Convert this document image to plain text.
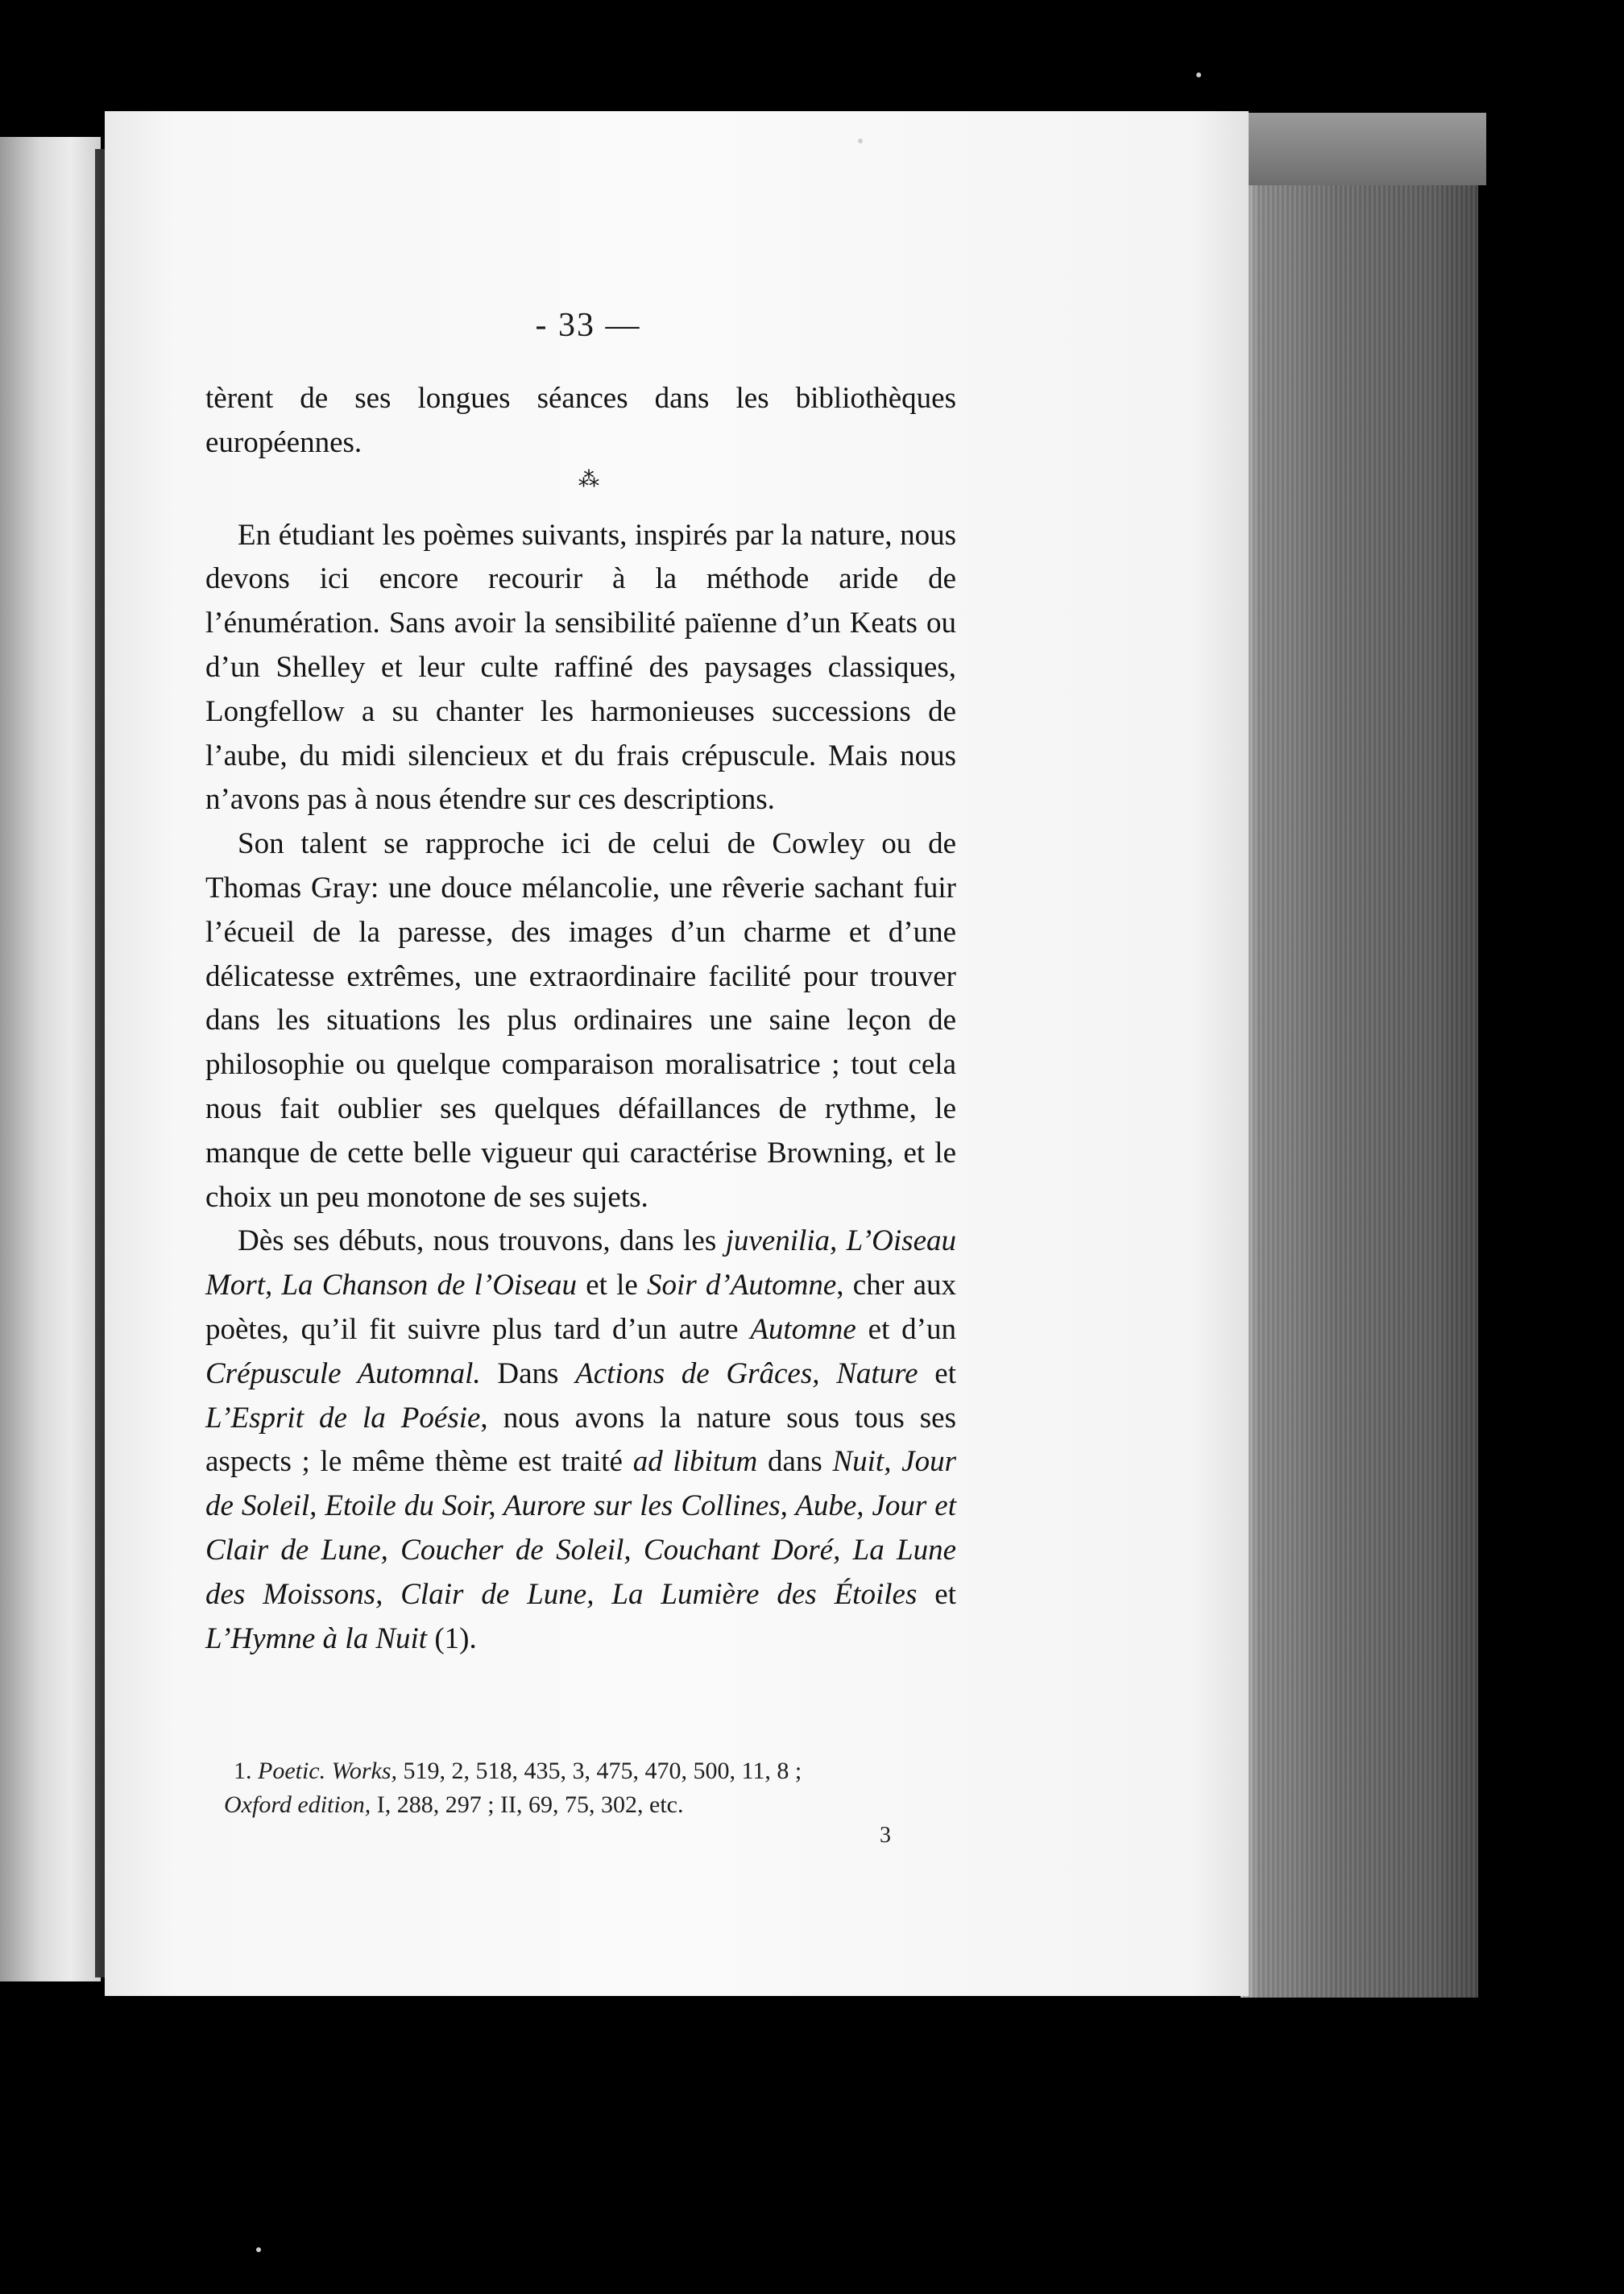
- 33 —

tèrent de ses longues séances dans les bibliothèques européennes.

⁂

En étudiant les poèmes suivants, inspirés par la nature, nous devons ici encore recourir à la méthode aride de l’énumération. Sans avoir la sensibilité païenne d’un Keats ou d’un Shelley et leur culte raffiné des paysages classiques, Longfellow a su chanter les harmonieuses successions de l’aube, du midi silencieux et du frais crépuscule. Mais nous n’avons pas à nous étendre sur ces descriptions.

Son talent se rapproche ici de celui de Cowley ou de Thomas Gray: une douce mélancolie, une rêverie sachant fuir l’écueil de la paresse, des images d’un charme et d’une délicatesse extrêmes, une extraordinaire facilité pour trouver dans les situations les plus ordinaires une saine leçon de philosophie ou quelque comparaison moralisatrice ; tout cela nous fait oublier ses quelques défaillances de rythme, le manque de cette belle vigueur qui caractérise Browning, et le choix un peu monotone de ses sujets.

Dès ses débuts, nous trouvons, dans les juvenilia, L’Oiseau Mort, La Chanson de l’Oiseau et le Soir d’Automne, cher aux poètes, qu’il fit suivre plus tard d’un autre Automne et d’un Crépuscule Automnal. Dans Actions de Grâces, Nature et L’Esprit de la Poésie, nous avons la nature sous tous ses aspects ; le même thème est traité ad libitum dans Nuit, Jour de Soleil, Etoile du Soir, Aurore sur les Collines, Aube, Jour et Clair de Lune, Coucher de Soleil, Couchant Doré, La Lune des Moissons, Clair de Lune, La Lumière des Étoiles et L’Hymne à la Nuit (1).

1. Poetic. Works, 519, 2, 518, 435, 3, 475, 470, 500, 11, 8 ;
Oxford edition, I, 288, 297 ; II, 69, 75, 302, etc.
3
